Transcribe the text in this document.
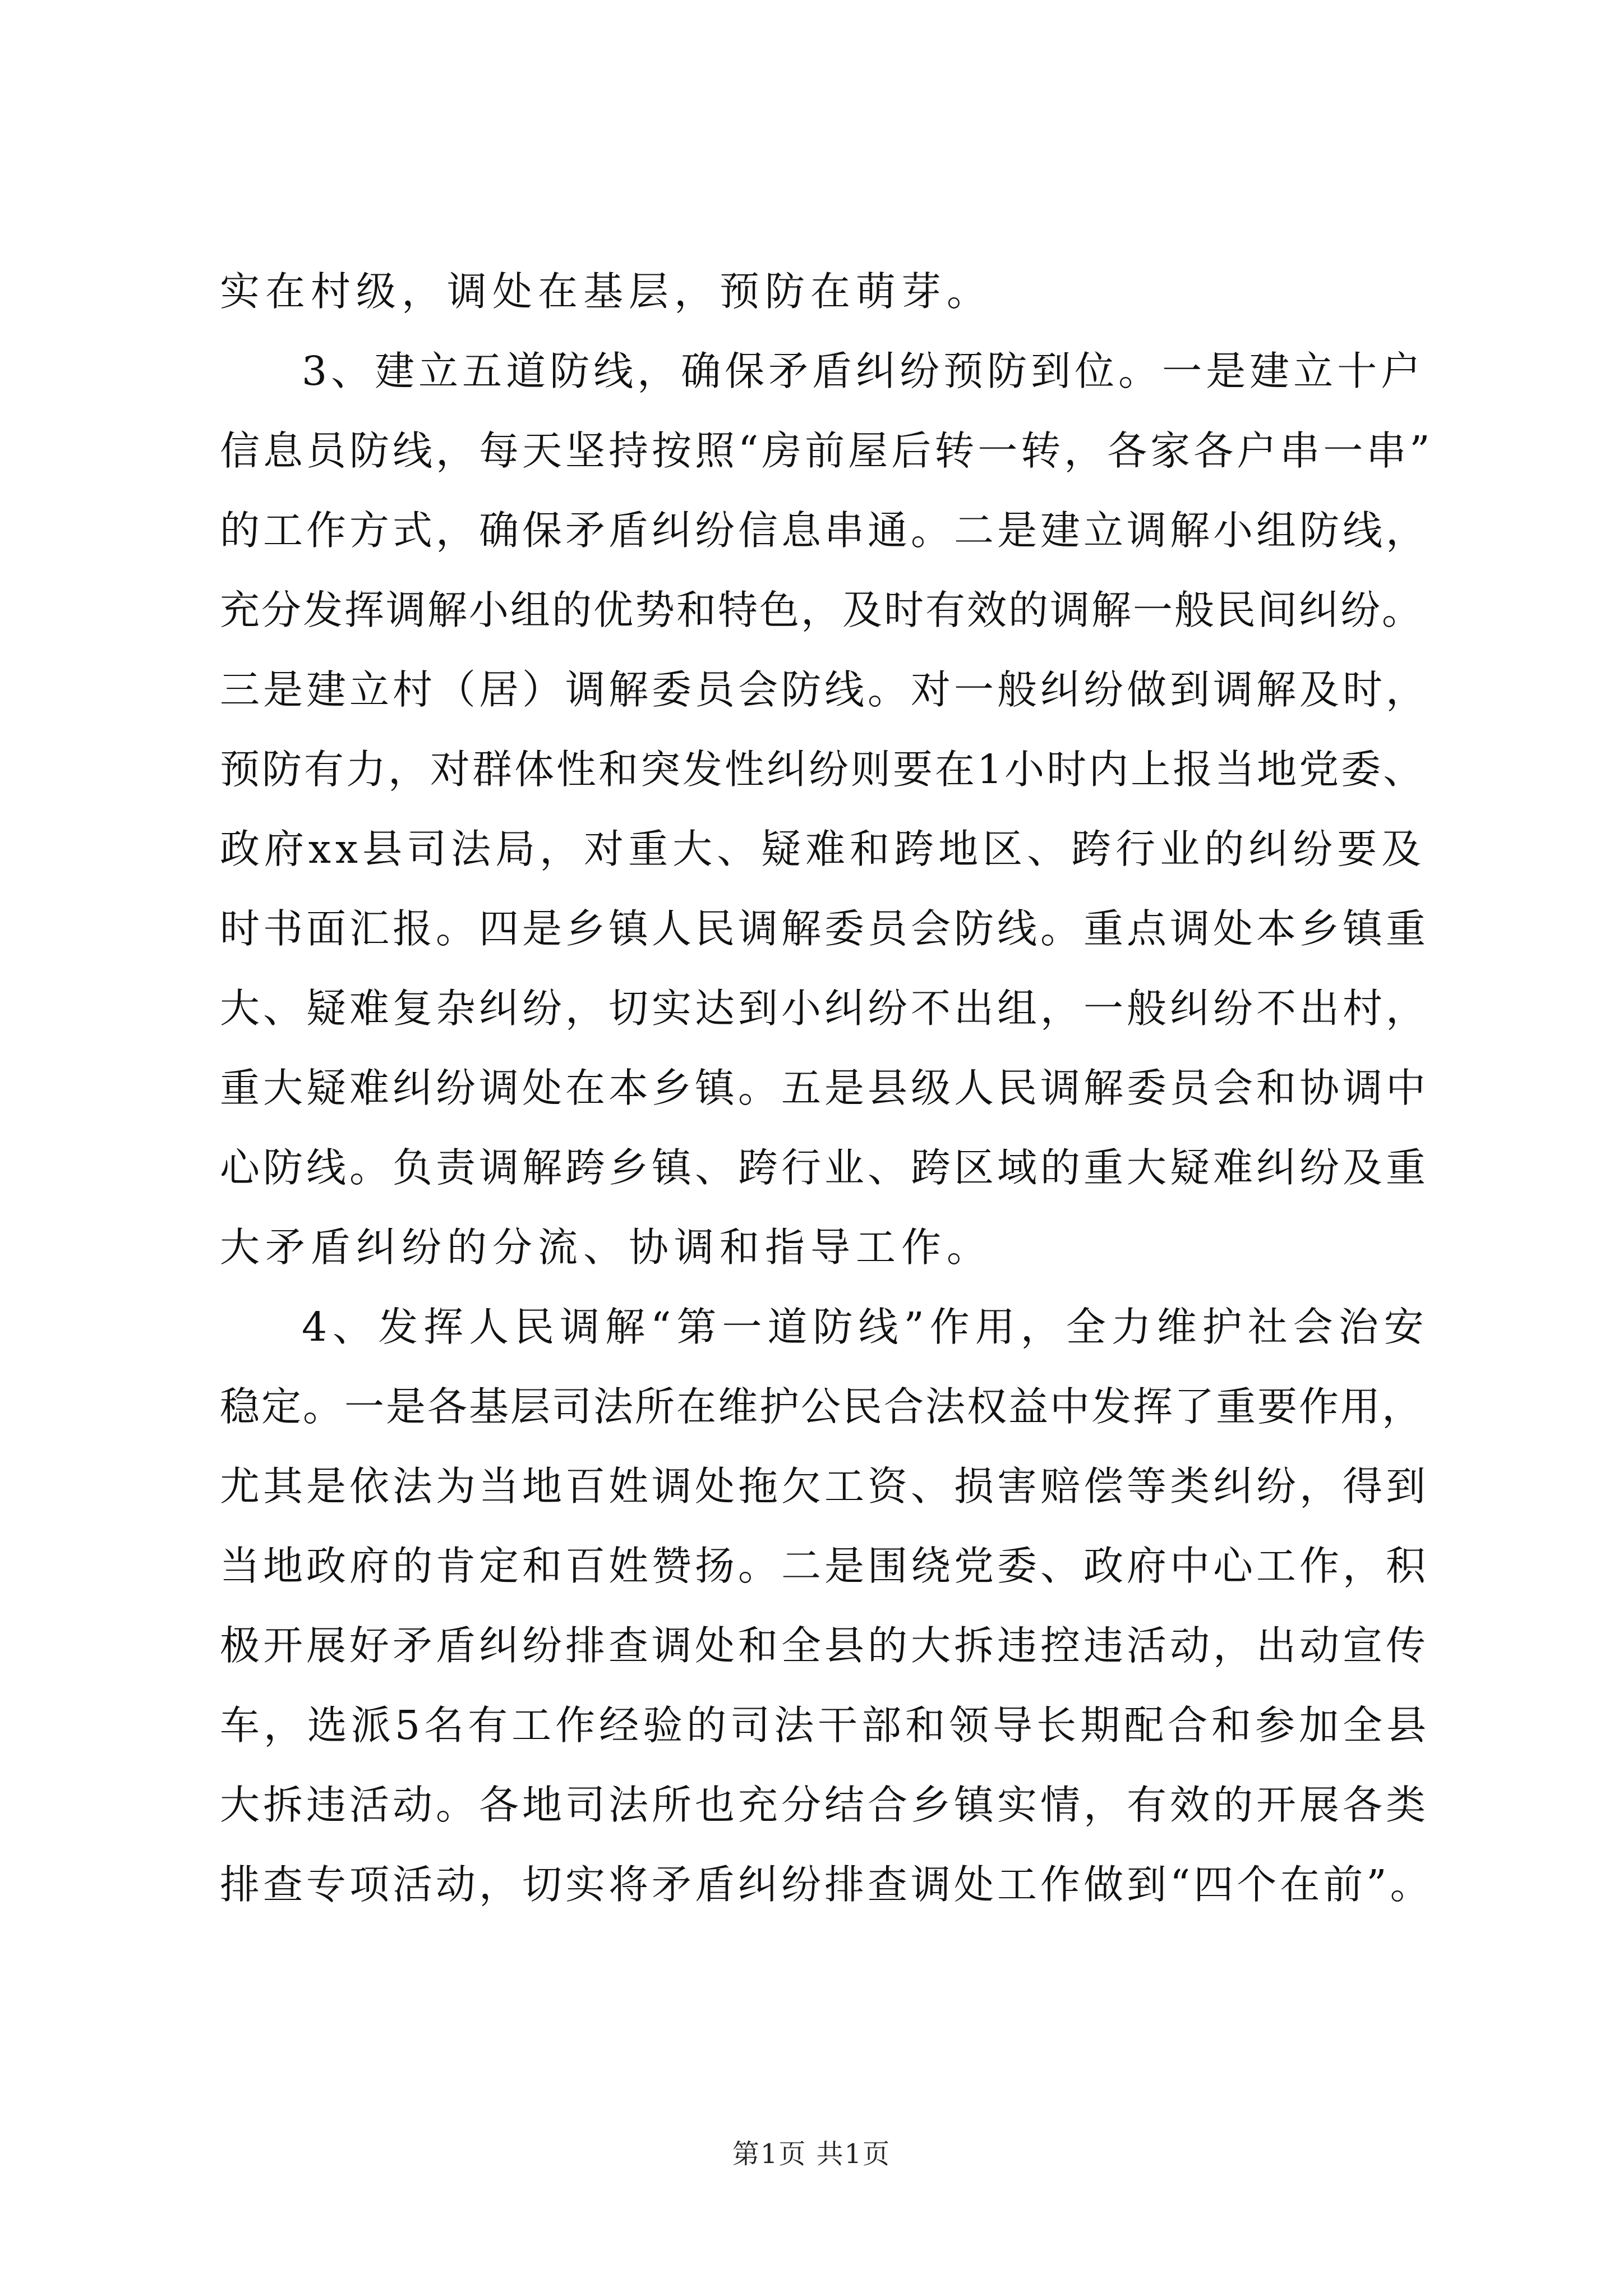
实在村级，调处在基层，预防在萌芽。
3、建立五道防线，确保矛盾纠纷预防到位。一是建立十户
信息员防线，每天坚持按照“房前屋后转一转，各家各户串一串”
的工作方式，确保矛盾纠纷信息串通。二是建立调解小组防线，
充分发挥调解小组的优势和特色，及时有效的调解一般民间纠纷。
三是建立村（居）调解委员会防线。对一般纠纷做到调解及时，
预防有力，对群体性和突发性纠纷则要在1小时内上报当地党委、
政府xx县司法局，对重大、疑难和跨地区、跨行业的纠纷要及
时书面汇报。四是乡镇人民调解委员会防线。重点调处本乡镇重
大、疑难复杂纠纷，切实达到小纠纷不出组，一般纠纷不出村，
重大疑难纠纷调处在本乡镇。五是县级人民调解委员会和协调中
心防线。负责调解跨乡镇、跨行业、跨区域的重大疑难纠纷及重
大矛盾纠纷的分流、协调和指导工作。
4、发挥人民调解“第一道防线”作用，全力维护社会治安
稳定。一是各基层司法所在维护公民合法权益中发挥了重要作用，
尤其是依法为当地百姓调处拖欠工资、损害赔偿等类纠纷，得到
当地政府的肯定和百姓赞扬。二是围绕党委、政府中心工作，积
极开展好矛盾纠纷排查调处和全县的大拆违控违活动，出动宣传
车，选派5名有工作经验的司法干部和领导长期配合和参加全县
大拆违活动。各地司法所也充分结合乡镇实情，有效的开展各类
排查专项活动，切实将矛盾纠纷排查调处工作做到“四个在前”。
第1页 共1页
